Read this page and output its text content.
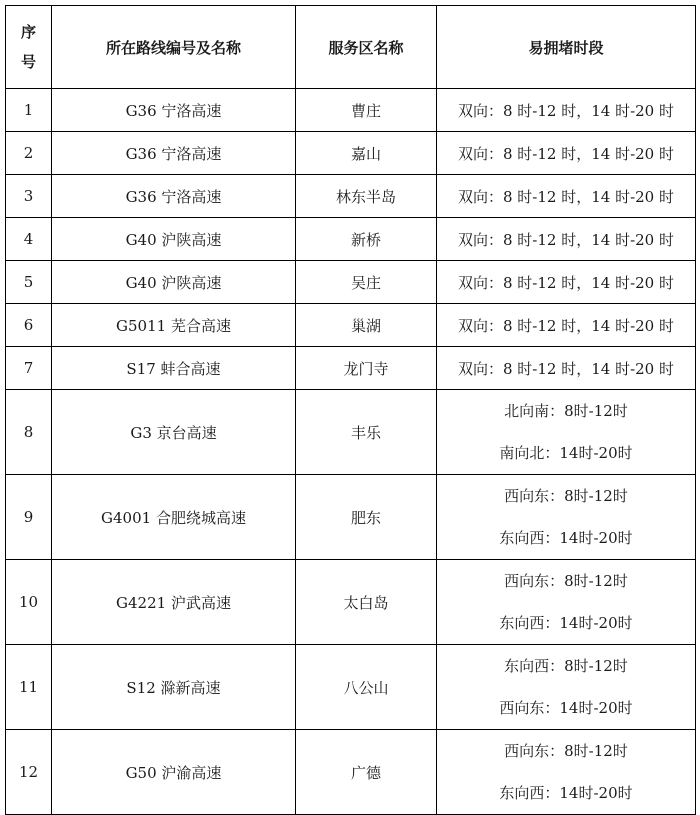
序
号	所在路线编号及名称	服务区名称	易拥堵时段
1	G36 宁洛高速	曹庄	双向：8 时-12 时，14 时-20 时
2	G36 宁洛高速	嘉山	双向：8 时-12 时，14 时-20 时
3	G36 宁洛高速	林东半岛	双向：8 时-12 时，14 时-20 时
4	G40 沪陕高速	新桥	双向：8 时-12 时，14 时-20 时
5	G40 沪陕高速	吴庄	双向：8 时-12 时，14 时-20 时
6	G5011 芜合高速	巢湖	双向：8 时-12 时，14 时-20 时
7	S17 蚌合高速	龙门寺	双向：8 时-12 时，14 时-20 时
8	G3 京台高速	丰乐	北向南：8时-12时
南向北：14时-20时

9	G4001 合肥绕城高速	肥东	西向东：8时-12时
东向西：14时-20时

10	G4221 沪武高速	太白岛	西向东：8时-12时
东向西：14时-20时

11	S12 滁新高速	八公山	东向西：8时-12时
西向东：14时-20时

12	G50 沪渝高速	广德	西向东：8时-12时
东向西：14时-20时
